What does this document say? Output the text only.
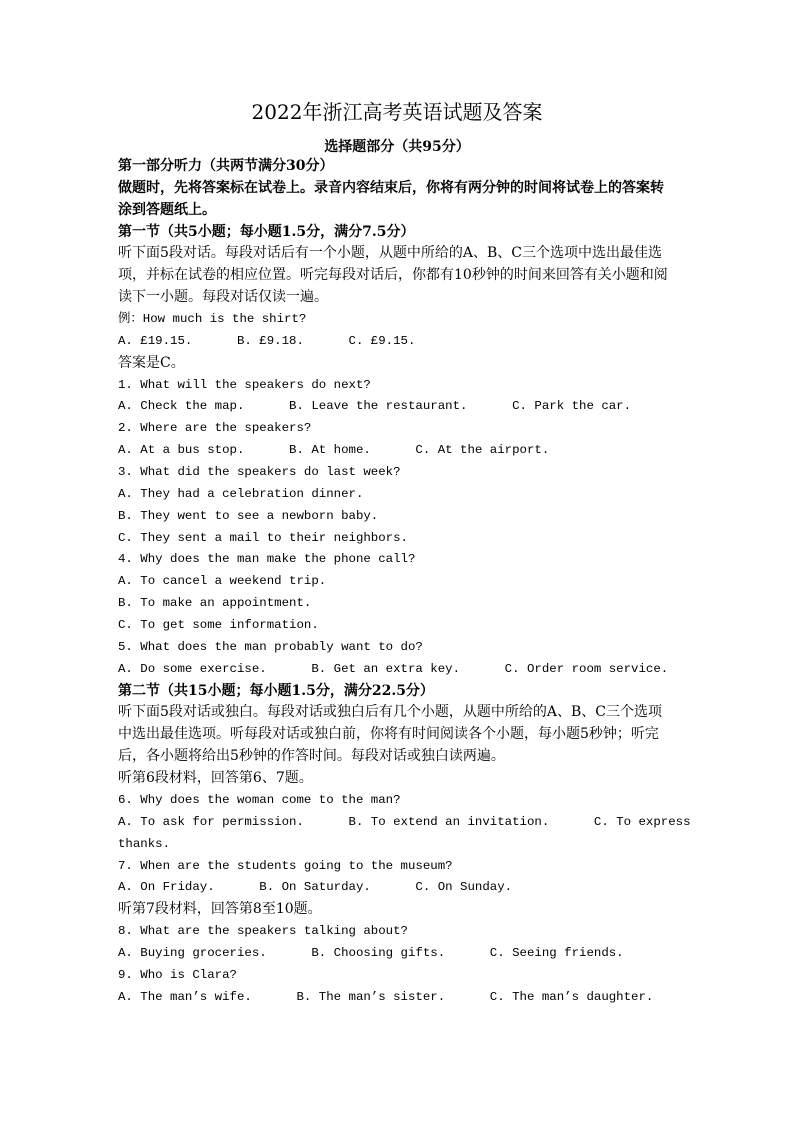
2022年浙江高考英语试题及答案
选择题部分（共95分）
第一部分听力（共两节满分30分）
做题时，先将答案标在试卷上。录音内容结束后，你将有两分钟的时间将试卷上的答案转
涂到答题纸上。
第一节（共5小题；每小题1.5分，满分7.5分）
听下面5段对话。每段对话后有一个小题，从题中所给的A、B、C三个选项中选出最佳选
项，并标在试卷的相应位置。听完每段对话后，你都有10秒钟的时间来回答有关小题和阅
读下一小题。每段对话仅读一遍。
例：How much is the shirt?
A. £19.15.      B. £9.18.      C. £9.15.
答案是C。
1. What will the speakers do next?
A. Check the map.      B. Leave the restaurant.      C. Park the car.
2. Where are the speakers?
A. At a bus stop.      B. At home.      C. At the airport.
3. What did the speakers do last week?
A. They had a celebration dinner.
B. They went to see a newborn baby.
C. They sent a mail to their neighbors.
4. Why does the man make the phone call?
A. To cancel a weekend trip.
B. To make an appointment.
C. To get some information.
5. What does the man probably want to do?
A. Do some exercise.      B. Get an extra key.      C. Order room service.
第二节（共15小题；每小题1.5分，满分22.5分）
听下面5段对话或独白。每段对话或独白后有几个小题，从题中所给的A、B、C三个选项
中选出最佳选项。听每段对话或独白前，你将有时间阅读各个小题，每小题5秒钟；听完
后，各小题将给出5秒钟的作答时间。每段对话或独白读两遍。
听第6段材料，回答第6、7题。
6. Why does the woman come to the man?
A. To ask for permission.      B. To extend an invitation.      C. To express
thanks.
7. When are the students going to the museum?
A. On Friday.      B. On Saturday.      C. On Sunday.
听第7段材料，回答第8至10题。
8. What are the speakers talking about?
A. Buying groceries.      B. Choosing gifts.      C. Seeing friends.
9. Who is Clara?
A. The man’s wife.      B. The man’s sister.      C. The man’s daughter.
